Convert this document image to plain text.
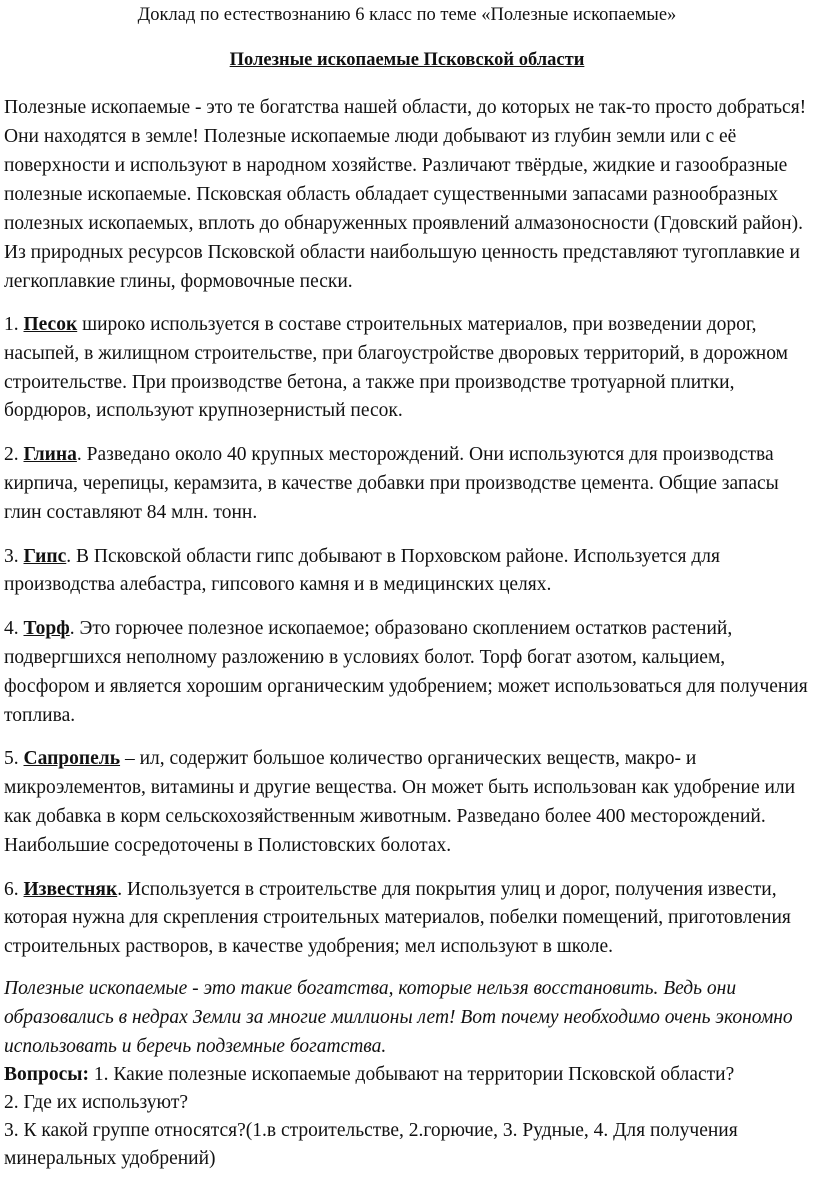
Доклад по естествознанию 6 класс по теме «Полезные ископаемые»
Полезные ископаемые Псковской области

Полезные ископаемые - это те богатства нашей области, до которых не так-то просто добраться! Они находятся в земле! Полезные ископаемые люди добывают из глубин земли или с её поверхности и используют в народном хозяйстве. Различают твёрдые, жидкие и газообразные полезные ископаемые. Псковская область обладает существенными запасами разнообразных полезных ископаемых, вплоть до обнаруженных проявлений алмазоносности (Гдовский район). Из природных ресурсов Псковской области наибольшую ценность представляют тугоплавкие и легкоплавкие глины, формовочные пески.

1. Песок широко используется в составе строительных материалов, при возведении дорог, насыпей, в жилищном строительстве, при благоустройстве дворовых территорий, в дорожном строительстве. При производстве бетона, а также при производстве тротуарной плитки, бордюров, используют крупнозернистый песок.

2. Глина. Разведано около 40 крупных месторождений. Они используются для производства кирпича, черепицы, керамзита, в качестве добавки при производстве цемента. Общие запасы глин составляют 84 млн. тонн.

3. Гипс. В Псковской области гипс добывают в Порховском районе. Используется для производства алебастра, гипсового камня и в медицинских целях.

4. Торф. Это горючее полезное ископаемое; образовано скоплением остатков растений, подвергшихся неполному разложению в условиях болот. Торф богат азотом, кальцием, фосфором и является хорошим органическим удобрением; может использоваться для получения топлива.

5. Сапропель – ил, содержит большое количество органических веществ, макро- и микроэлементов, витамины и другие вещества. Он может быть использован как удобрение или как добавка в корм сельскохозяйственным животным. Разведано более 400 месторождений. Наибольшие сосредоточены в Полистовских болотах.

6. Известняк. Используется в строительстве для покрытия улиц и дорог, получения извести, которая нужна для скрепления строительных материалов, побелки помещений, приготовления строительных растворов, в качестве удобрения; мел используют в школе.

Полезные ископаемые - это такие богатства, которые нельзя восстановить. Ведь они образовались в недрах Земли за многие миллионы лет! Вот почему необходимо очень экономно использовать и беречь подземные богатства.

Вопросы: 1. Какие полезные ископаемые добывают на территории Псковской области?
2. Где их используют?
3. К какой группе относятся?(1.в строительстве, 2.горючие, 3. Рудные, 4. Для получения минеральных удобрений)
